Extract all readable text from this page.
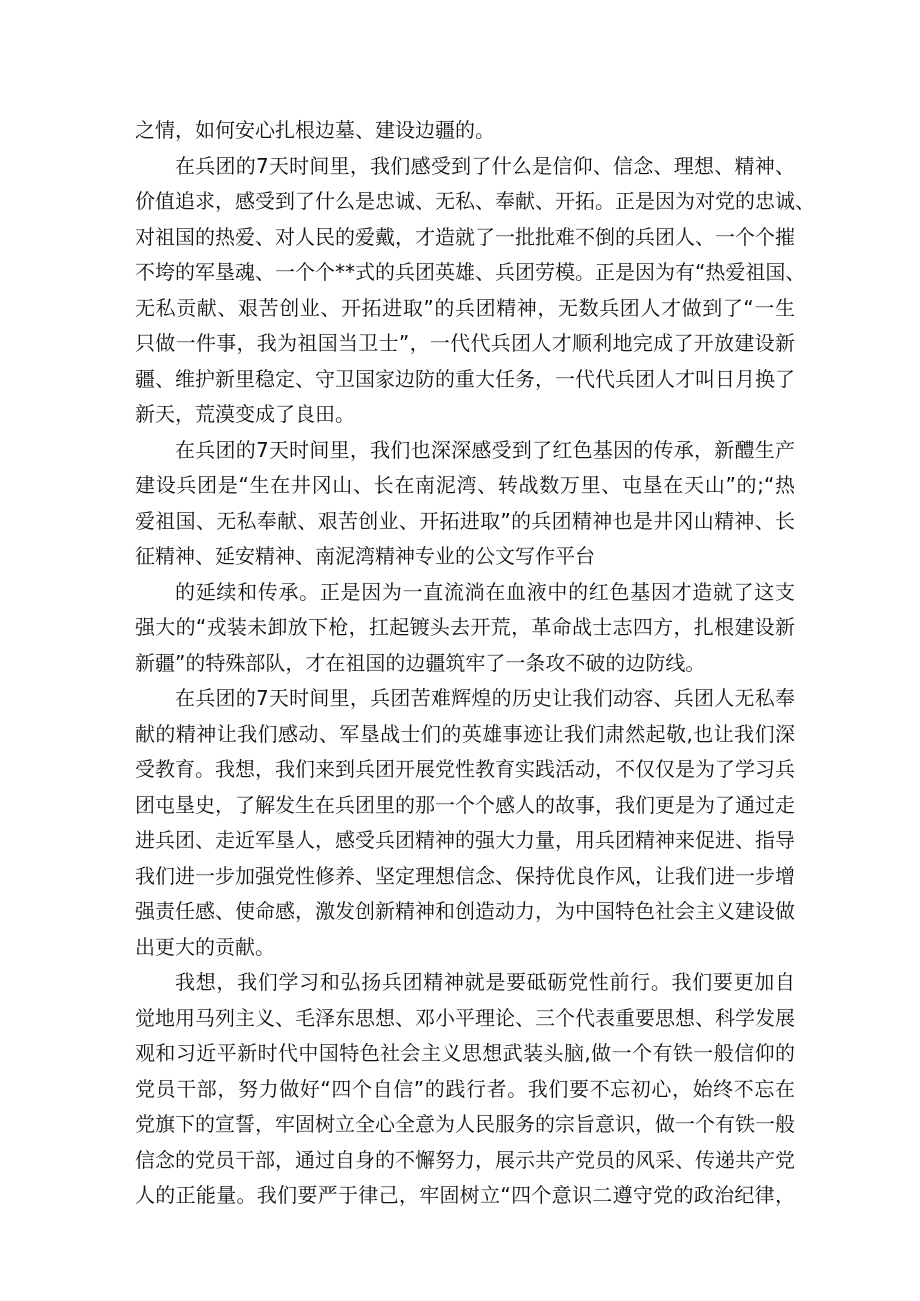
之情，如何安心扎根边墓、建设边疆的。
在兵团的7天时间里，我们感受到了什么是信仰、信念、理想、精神、
价值追求，感受到了什么是忠诚、无私、奉献、开拓。正是因为对党的忠诚、
对祖国的热爱、对人民的爱戴，才造就了一批批难不倒的兵团人、一个个摧
不垮的军垦魂、一个个**式的兵团英雄、兵团劳模。正是因为有“热爱祖国、
无私贡献、艰苦创业、开拓进取”的兵团精神，无数兵团人才做到了“一生
只做一件事，我为祖国当卫士”，一代代兵团人才顺利地完成了开放建设新
疆、维护新里稳定、守卫国家边防的重大任务，一代代兵团人才叫日月换了
新天，荒漠变成了良田。
在兵团的7天时间里，我们也深深感受到了红色基因的传承，新醴生产
建设兵团是“生在井冈山、长在南泥湾、转战数万里、屯垦在天山”的;“热
爱祖国、无私奉献、艰苦创业、开拓进取”的兵团精神也是井冈山精神、长
征精神、延安精神、南泥湾精神专业的公文写作平台
的延续和传承。正是因为一直流淌在血液中的红色基因才造就了这支
强大的“戎装未卸放下枪，扛起镀头去开荒，革命战士志四方，扎根建设新
新疆”的特殊部队，才在祖国的边疆筑牢了一条攻不破的边防线。
在兵团的7天时间里，兵团苦难辉煌的历史让我们动容、兵团人无私奉
献的精神让我们感动、军垦战士们的英雄事迹让我们肃然起敬,也让我们深
受教育。我想，我们来到兵团开展党性教育实践活动，不仅仅是为了学习兵
团屯垦史，了解发生在兵团里的那一个个感人的故事，我们更是为了通过走
进兵团、走近军垦人，感受兵团精神的强大力量，用兵团精神来促进、指导
我们进一步加强党性修养、坚定理想信念、保持优良作风，让我们进一步增
强责任感、使命感，激发创新精神和创造动力，为中国特色社会主义建设做
出更大的贡献。
我想，我们学习和弘扬兵团精神就是要砥砺党性前行。我们要更加自
觉地用马列主义、毛泽东思想、邓小平理论、三个代表重要思想、科学发展
观和习近平新时代中国特色社会主义思想武装头脑,做一个有铁一般信仰的
党员干部，努力做好“四个自信”的践行者。我们要不忘初心，始终不忘在
党旗下的宣誓，牢固树立全心全意为人民服务的宗旨意识，做一个有铁一般
信念的党员干部，通过自身的不懈努力，展示共产党员的风采、传递共产党
人的正能量。我们要严于律己，牢固树立“四个意识二遵守党的政治纪律，
